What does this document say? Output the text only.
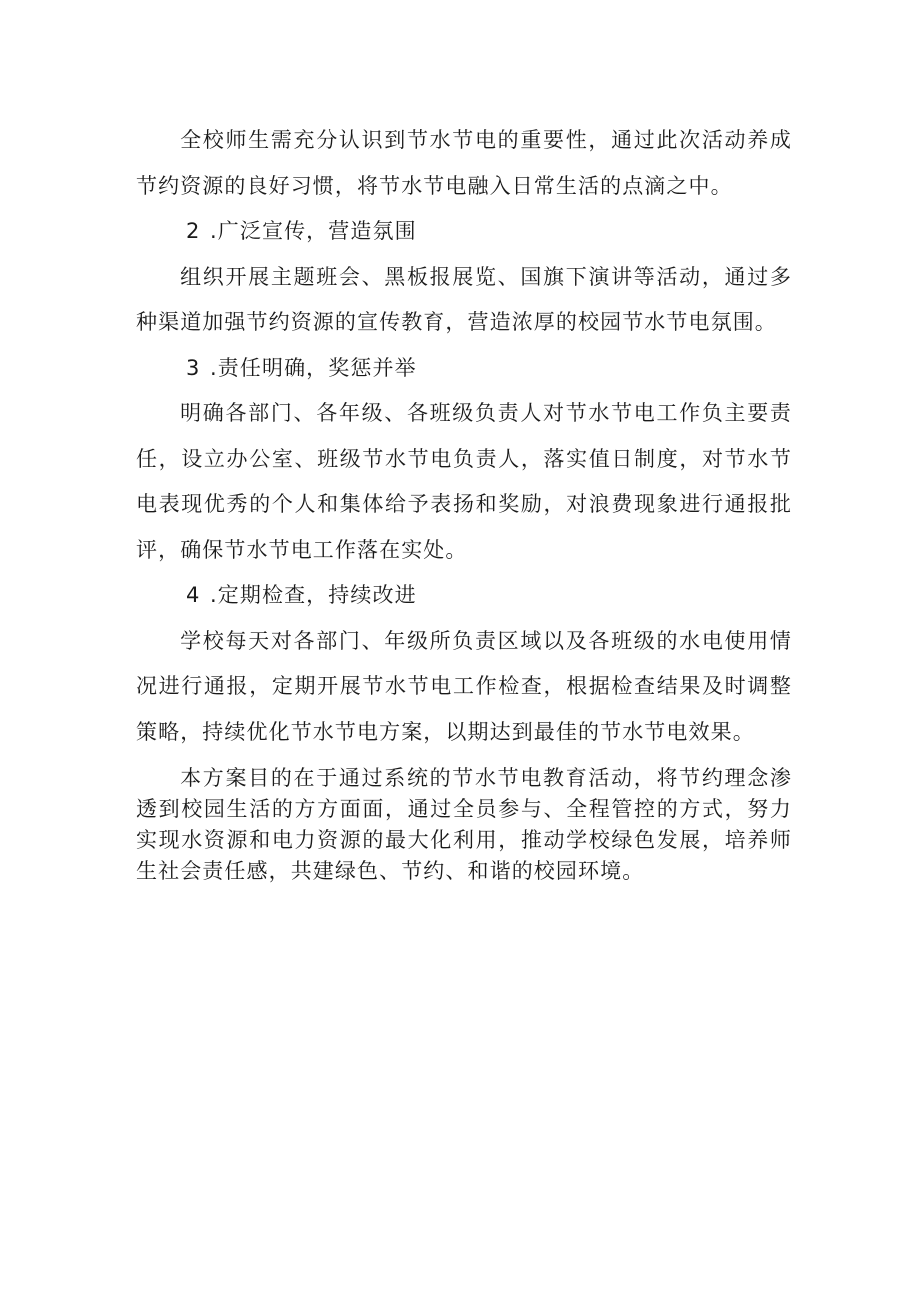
全校师生需充分认识到节水节电的重要性，通过此次活动养成节约资源的良好习惯，将节水节电融入日常生活的点滴之中。

2 .广泛宣传，营造氛围

组织开展主题班会、黑板报展览、国旗下演讲等活动，通过多种渠道加强节约资源的宣传教育，营造浓厚的校园节水节电氛围。

3 .责任明确，奖惩并举

明确各部门、各年级、各班级负责人对节水节电工作负主要责任，设立办公室、班级节水节电负责人，落实值日制度，对节水节电表现优秀的个人和集体给予表扬和奖励，对浪费现象进行通报批评，确保节水节电工作落在实处。

4 .定期检查，持续改进

学校每天对各部门、年级所负责区域以及各班级的水电使用情况进行通报，定期开展节水节电工作检查，根据检查结果及时调整策略，持续优化节水节电方案，以期达到最佳的节水节电效果。

本方案目的在于通过系统的节水节电教育活动，将节约理念渗透到校园生活的方方面面，通过全员参与、全程管控的方式，努力实现水资源和电力资源的最大化利用，推动学校绿色发展，培养师生社会责任感，共建绿色、节约、和谐的校园环境。
